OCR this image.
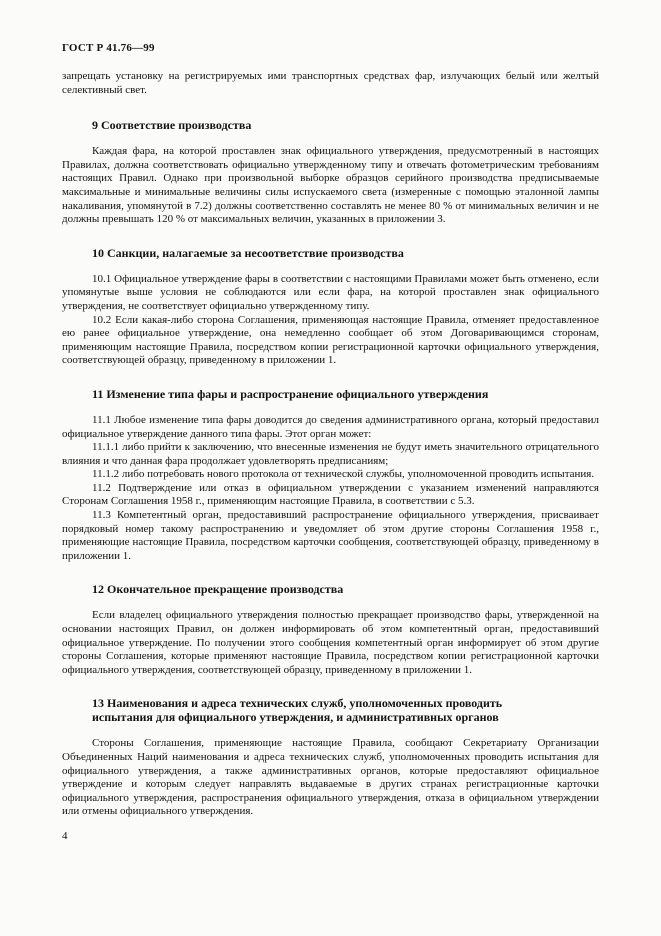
ГОСТ Р 41.76—99

запрещать установку на регистрируемых ими транспортных средствах фар, излучающих белый или желтый селективный свет.

9 Соответствие производства

Каждая фара, на которой проставлен знак официального утверждения, предусмотренный в настоящих Правилах, должна соответствовать официально утвержденному типу и отвечать фотометрическим требованиям настоящих Правил. Однако при произвольной выборке образцов серийного производства предписываемые максимальные и минимальные величины силы испускаемого света (измеренные с помощью эталонной лампы накаливания, упомянутой в 7.2) должны соответственно составлять не менее 80 % от минимальных величин и не должны превышать 120 % от максимальных величин, указанных в приложении 3.

10 Санкции, налагаемые за несоответствие производства

10.1 Официальное утверждение фары в соответствии с настоящими Правилами может быть отменено, если упомянутые выше условия не соблюдаются или если фара, на которой проставлен знак официального утверждения, не соответствует официально утвержденному типу.

10.2 Если какая-либо сторона Соглашения, применяющая настоящие Правила, отменяет предоставленное ею ранее официальное утверждение, она немедленно сообщает об этом Договаривающимся сторонам, применяющим настоящие Правила, посредством копии регистрационной карточки официального утверждения, соответствующей образцу, приведенному в приложении 1.

11 Изменение типа фары и распространение официального утверждения

11.1 Любое изменение типа фары доводится до сведения административного органа, который предоставил официальное утверждение данного типа фары. Этот орган может:

11.1.1 либо прийти к заключению, что внесенные изменения не будут иметь значительного отрицательного влияния и что данная фара продолжает удовлетворять предписаниям;

11.1.2 либо потребовать нового протокола от технической службы, уполномоченной проводить испытания.

11.2 Подтверждение или отказ в официальном утверждении с указанием изменений направляются Сторонам Соглашения 1958 г., применяющим настоящие Правила, в соответствии с 5.3.

11.3 Компетентный орган, предоставивший распространение официального утверждения, присваивает порядковый номер такому распространению и уведомляет об этом другие стороны Соглашения 1958 г., применяющие настоящие Правила, посредством карточки сообщения, соответствующей образцу, приведенному в приложении 1.

12 Окончательное прекращение производства

Если владелец официального утверждения полностью прекращает производство фары, утвержденной на основании настоящих Правил, он должен информировать об этом компетентный орган, предоставивший официальное утверждение. По получении этого сообщения компетентный орган информирует об этом другие стороны Соглашения, которые применяют настоящие Правила, посредством копии регистрационной карточки официального утверждения, соответствующей образцу, приведенному в приложении 1.

13 Наименования и адреса технических служб, уполномоченных проводить
испытания для официального утверждения, и административных органов

Стороны Соглашения, применяющие настоящие Правила, сообщают Секретариату Организации Объединенных Наций наименования и адреса технических служб, уполномоченных проводить испытания для официального утверждения, а также административных органов, которые предоставляют официальное утверждение и которым следует направлять выдаваемые в других странах регистрационные карточки официального утверждения, распространения официального утверждения, отказа в официальном утверждении или отмены официального утверждения.

4
